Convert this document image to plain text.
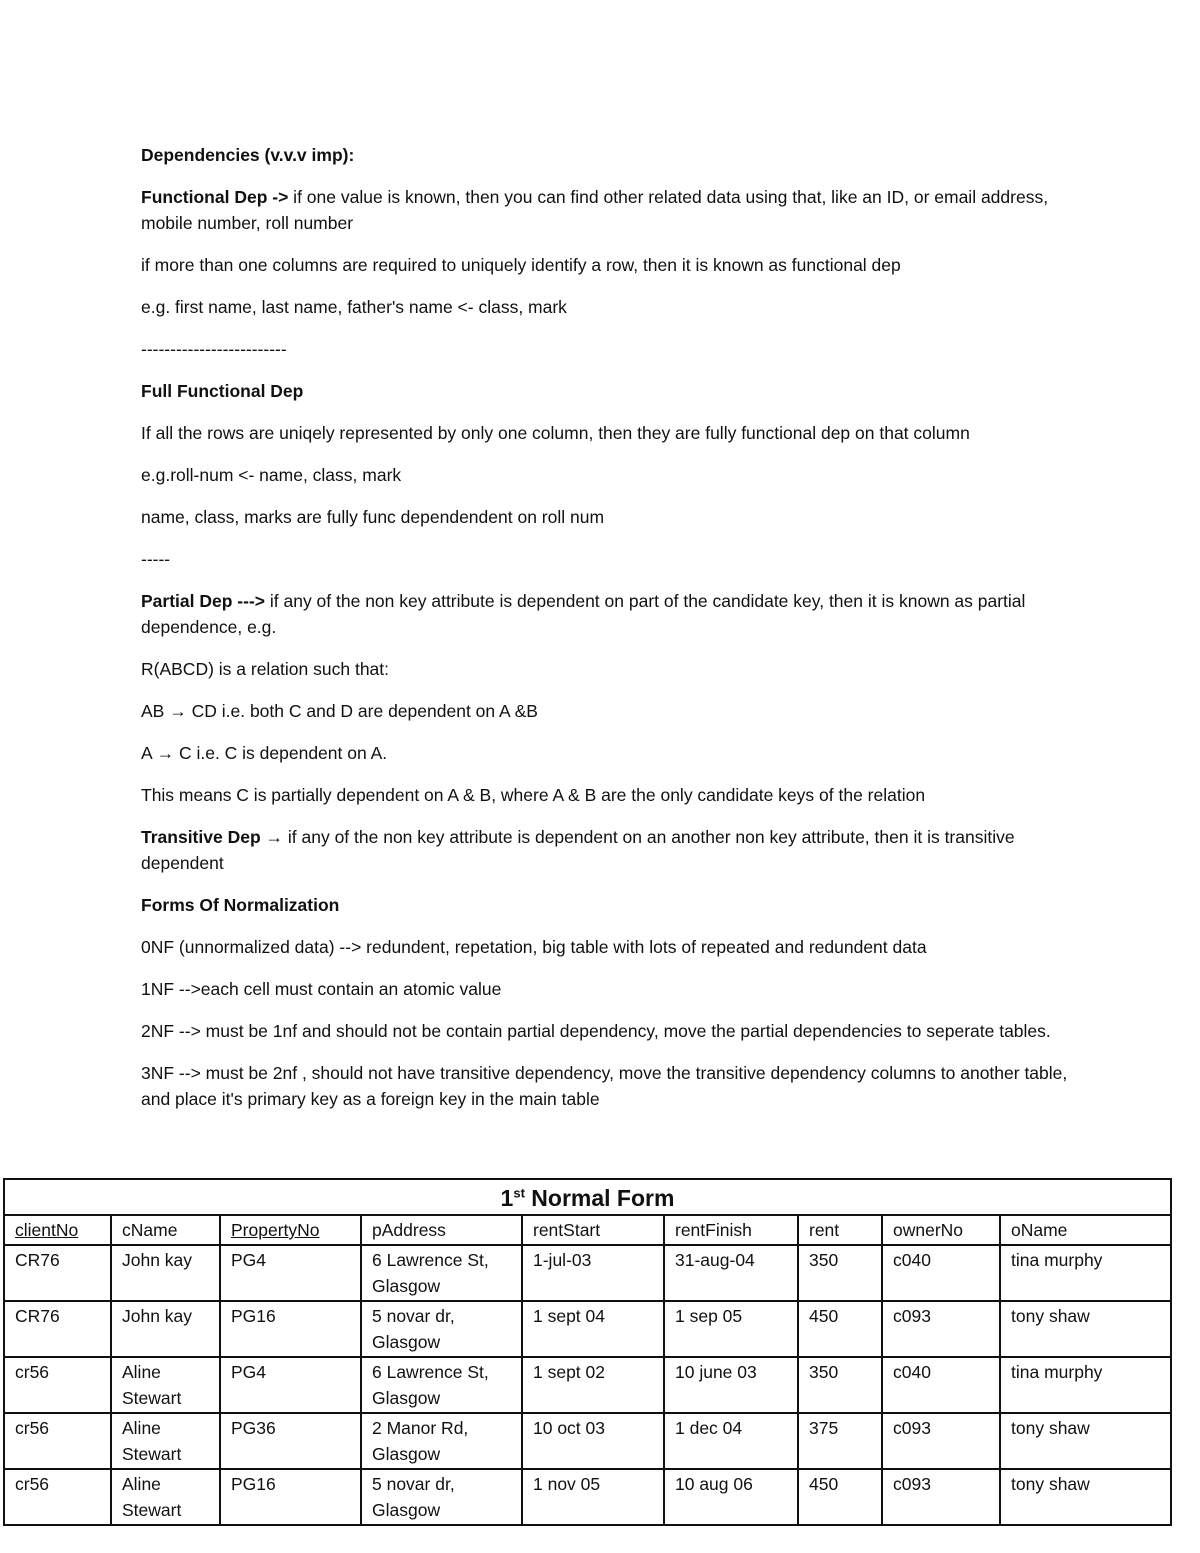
Dependencies (v.v.v imp):

Functional Dep -> if one value is known, then you can find other related data using that, like an ID, or email address, mobile number, roll number

if more than one columns are required to uniquely identify a row, then it is known as functional dep

e.g. first name, last name, father's name <- class, mark

-------------------------

Full Functional Dep

If all the rows are uniqely represented by only one column, then they are fully functional dep on that column

e.g.roll-num <- name, class, mark

name, class, marks are fully func dependendent on roll num

-----

Partial Dep ---> if any of the non key attribute is dependent on part of the candidate key, then it is known as partial dependence, e.g.

R(ABCD) is a relation such that:

AB → CD i.e. both C and D are dependent on A &B

A → C i.e. C is dependent on A.

This means C is partially dependent on A & B, where A & B are the only candidate keys of the relation

Transitive Dep → if any of the non key attribute is dependent on an another non key attribute, then it is transitive dependent

Forms Of Normalization

0NF (unnormalized data) --> redundent, repetation, big table with lots of repeated and redundent data

1NF -->each cell must contain an atomic value

2NF --> must be 1nf and should not be contain partial dependency, move the partial dependencies to seperate tables.

3NF --> must be 2nf , should not have transitive dependency, move the transitive dependency columns to another table, and place it's primary key as a foreign key in the main table

1st Normal Form								
clientNo	cName	PropertyNo	pAddress	rentStart	rentFinish	rent	ownerNo	oName
CR76	John kay	PG4	6 Lawrence St, Glasgow	1-jul-03	31-aug-04	350	c040	tina murphy
CR76	John kay	PG16	5 novar dr, Glasgow	1 sept 04	1 sep 05	450	c093	tony shaw
cr56	Aline Stewart	PG4	6 Lawrence St, Glasgow	1 sept 02	10 june 03	350	c040	tina murphy
cr56	Aline Stewart	PG36	2 Manor Rd, Glasgow	10 oct 03	1 dec 04	375	c093	tony shaw
cr56	Aline Stewart	PG16	5 novar dr, Glasgow	1 nov 05	10 aug 06	450	c093	tony shaw
